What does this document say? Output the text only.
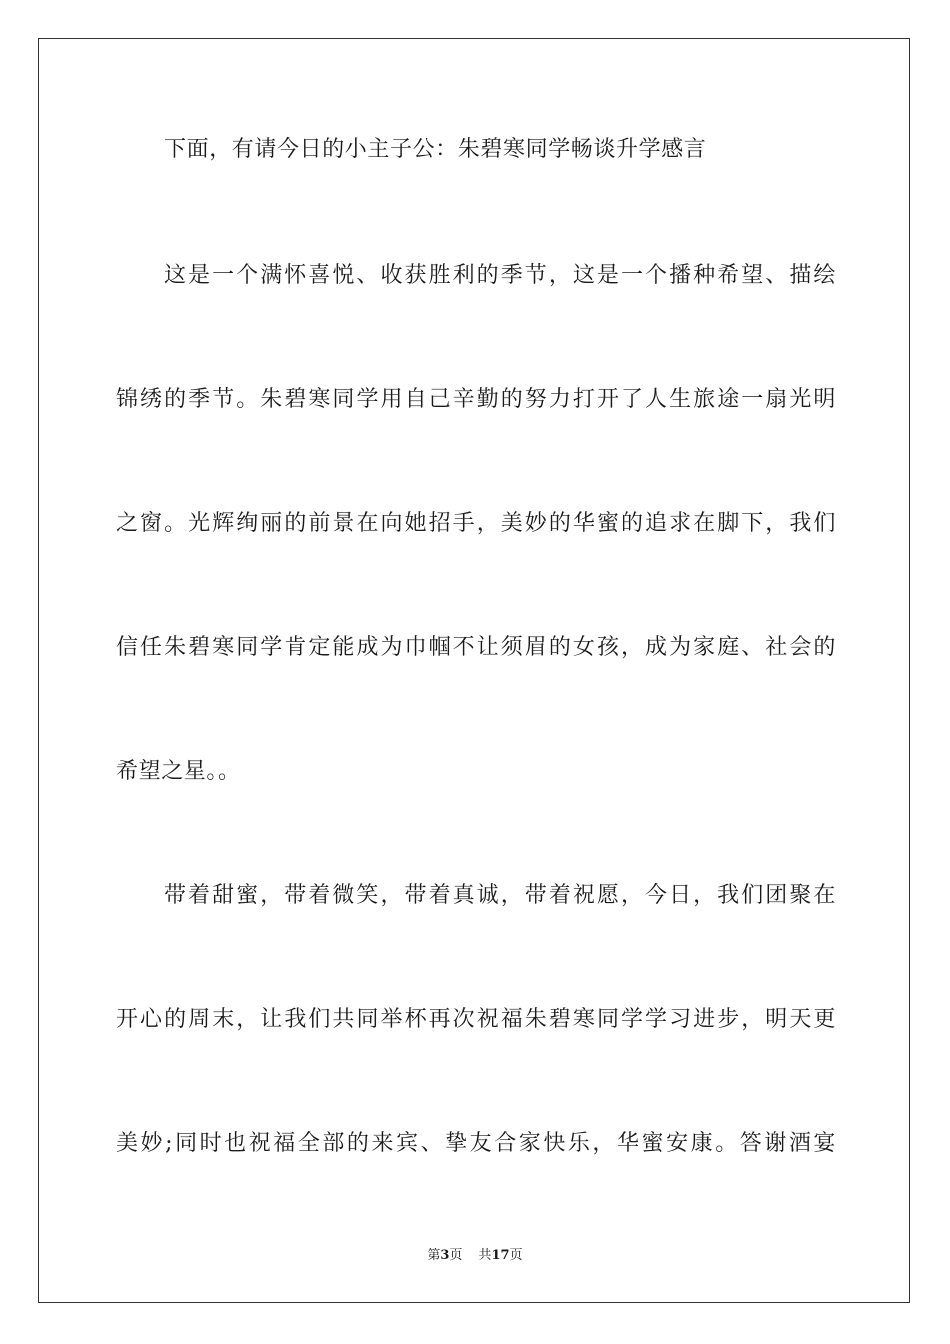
下面，有请今日的小主子公：朱碧寒同学畅谈升学感言
这是一个满怀喜悦、收获胜利的季节，这是一个播种希望、描绘
锦绣的季节。朱碧寒同学用自己辛勤的努力打开了人生旅途一扇光明
之窗。光辉绚丽的前景在向她招手，美妙的华蜜的追求在脚下，我们
信任朱碧寒同学肯定能成为巾帼不让须眉的女孩，成为家庭、社会的
希望之星。。
带着甜蜜，带着微笑，带着真诚，带着祝愿，今日，我们团聚在
开心的周末，让我们共同举杯再次祝福朱碧寒同学学习进步，明天更
美妙;同时也祝福全部的来宾、挚友合家快乐，华蜜安康。答谢酒宴
第3页 共17页
